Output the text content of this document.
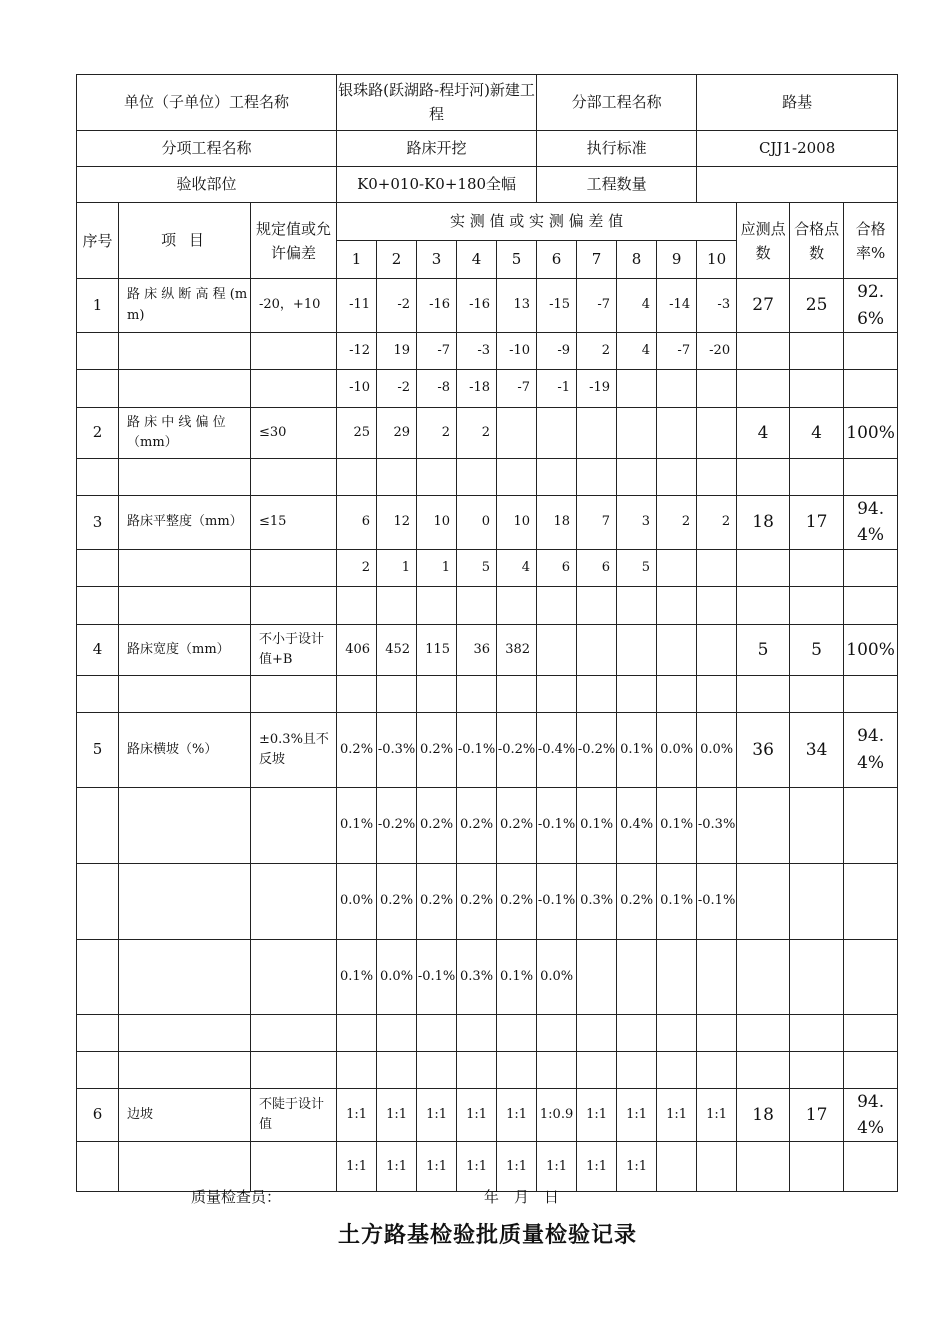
单位（子单位）工程名称			银珠路(跃湖路-程圩河)新建工程					分部工程名称				路基			
分项工程名称			路床开挖					执行标准				CJJ1-2008			
验收部位			K0+010-K0+180全幅					工程数量							
序号	项 目	规定值或允许偏差	实 测 值 或 实 测 偏 差 值										应测点数	合格点数	合格率%
			1	2	3	4	5	6	7	8	9	10			
1	路 床 纵 断 高 程 (mm)	-20，+10	-11	-2	-16	-16	13	-15	-7	4	-14	-3	27	25	92.6%
			-12	19	-7	-3	-10	-9	2	4	-7	-20			
			-10	-2	-8	-18	-7	-1	-19						
2	路 床 中 线 偏 位 （mm）	≤30	25	29	2	2							4	4	100%

3	路床平整度（mm）	≤15	6	12	10	0	10	18	7	3	2	2	18	17	94.4%
			2	1	1	5	4	6	6	5					

4	路床宽度（mm）	不小于设计值+B	406	452	115	36	382						5	5	100%

5	路床横坡（%）	±0.3%且不反坡	0.2%	-0.3%	0.2%	-0.1%	-0.2%	-0.4%	-0.2%	0.1%	0.0%	0.0%	36	34	94.4%
			0.1%	-0.2%	0.2%	0.2%	0.2%	-0.1%	0.1%	0.4%	0.1%	-0.3%			
			0.0%	0.2%	0.2%	0.2%	0.2%	-0.1%	0.3%	0.2%	0.1%	-0.1%			
			0.1%	0.0%	-0.1%	0.3%	0.1%	0.0%							

6	边坡	不陡于设计值	1:1	1:1	1:1	1:1	1:1	1:0.9	1:1	1:1	1:1	1:1	18	17	94.4%
			1:1	1:1	1:1	1:1	1:1	1:1	1:1	1:1					
质量检查员：	年　月　日
土方路基检验批质量检验记录
